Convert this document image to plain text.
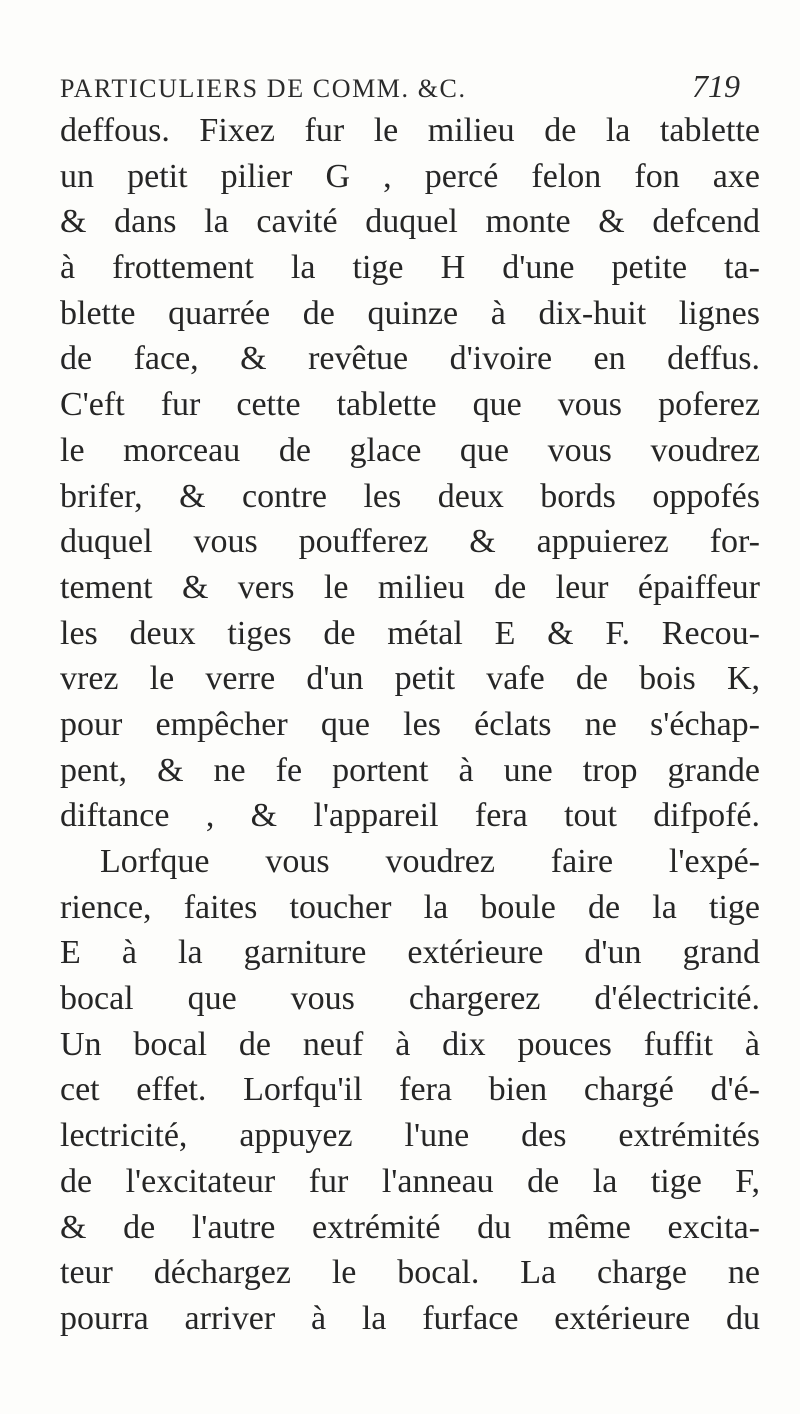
PARTICULIERS DE COMM. &C.	719
deffous. Fixez fur le milieu de la tablette
un petit pilier G , percé felon fon axe
& dans la cavité duquel monte & defcend
à frottement la tige H d'une petite ta-
blette quarrée de quinze à dix-huit lignes
de face, & revêtue d'ivoire en deffus.
C'eft fur cette tablette que vous poferez
le morceau de glace que vous voudrez
brifer, & contre les deux bords oppofés
duquel vous poufferez & appuierez for-
tement & vers le milieu de leur épaiffeur
les deux tiges de métal E & F. Recou-
vrez le verre d'un petit vafe de bois K,
pour empêcher que les éclats ne s'échap-
pent, & ne fe portent à une trop grande
diftance , & l'appareil fera tout difpofé.
Lorfque vous voudrez faire l'expé-
rience, faites toucher la boule de la tige
E à la garniture extérieure d'un grand
bocal que vous chargerez d'électricité.
Un bocal de neuf à dix pouces fuffit à
cet effet. Lorfqu'il fera bien chargé d'é-
lectricité, appuyez l'une des extrémités
de l'excitateur fur l'anneau de la tige F,
& de l'autre extrémité du même excita-
teur déchargez le bocal. La charge ne
pourra arriver à la furface extérieure du
